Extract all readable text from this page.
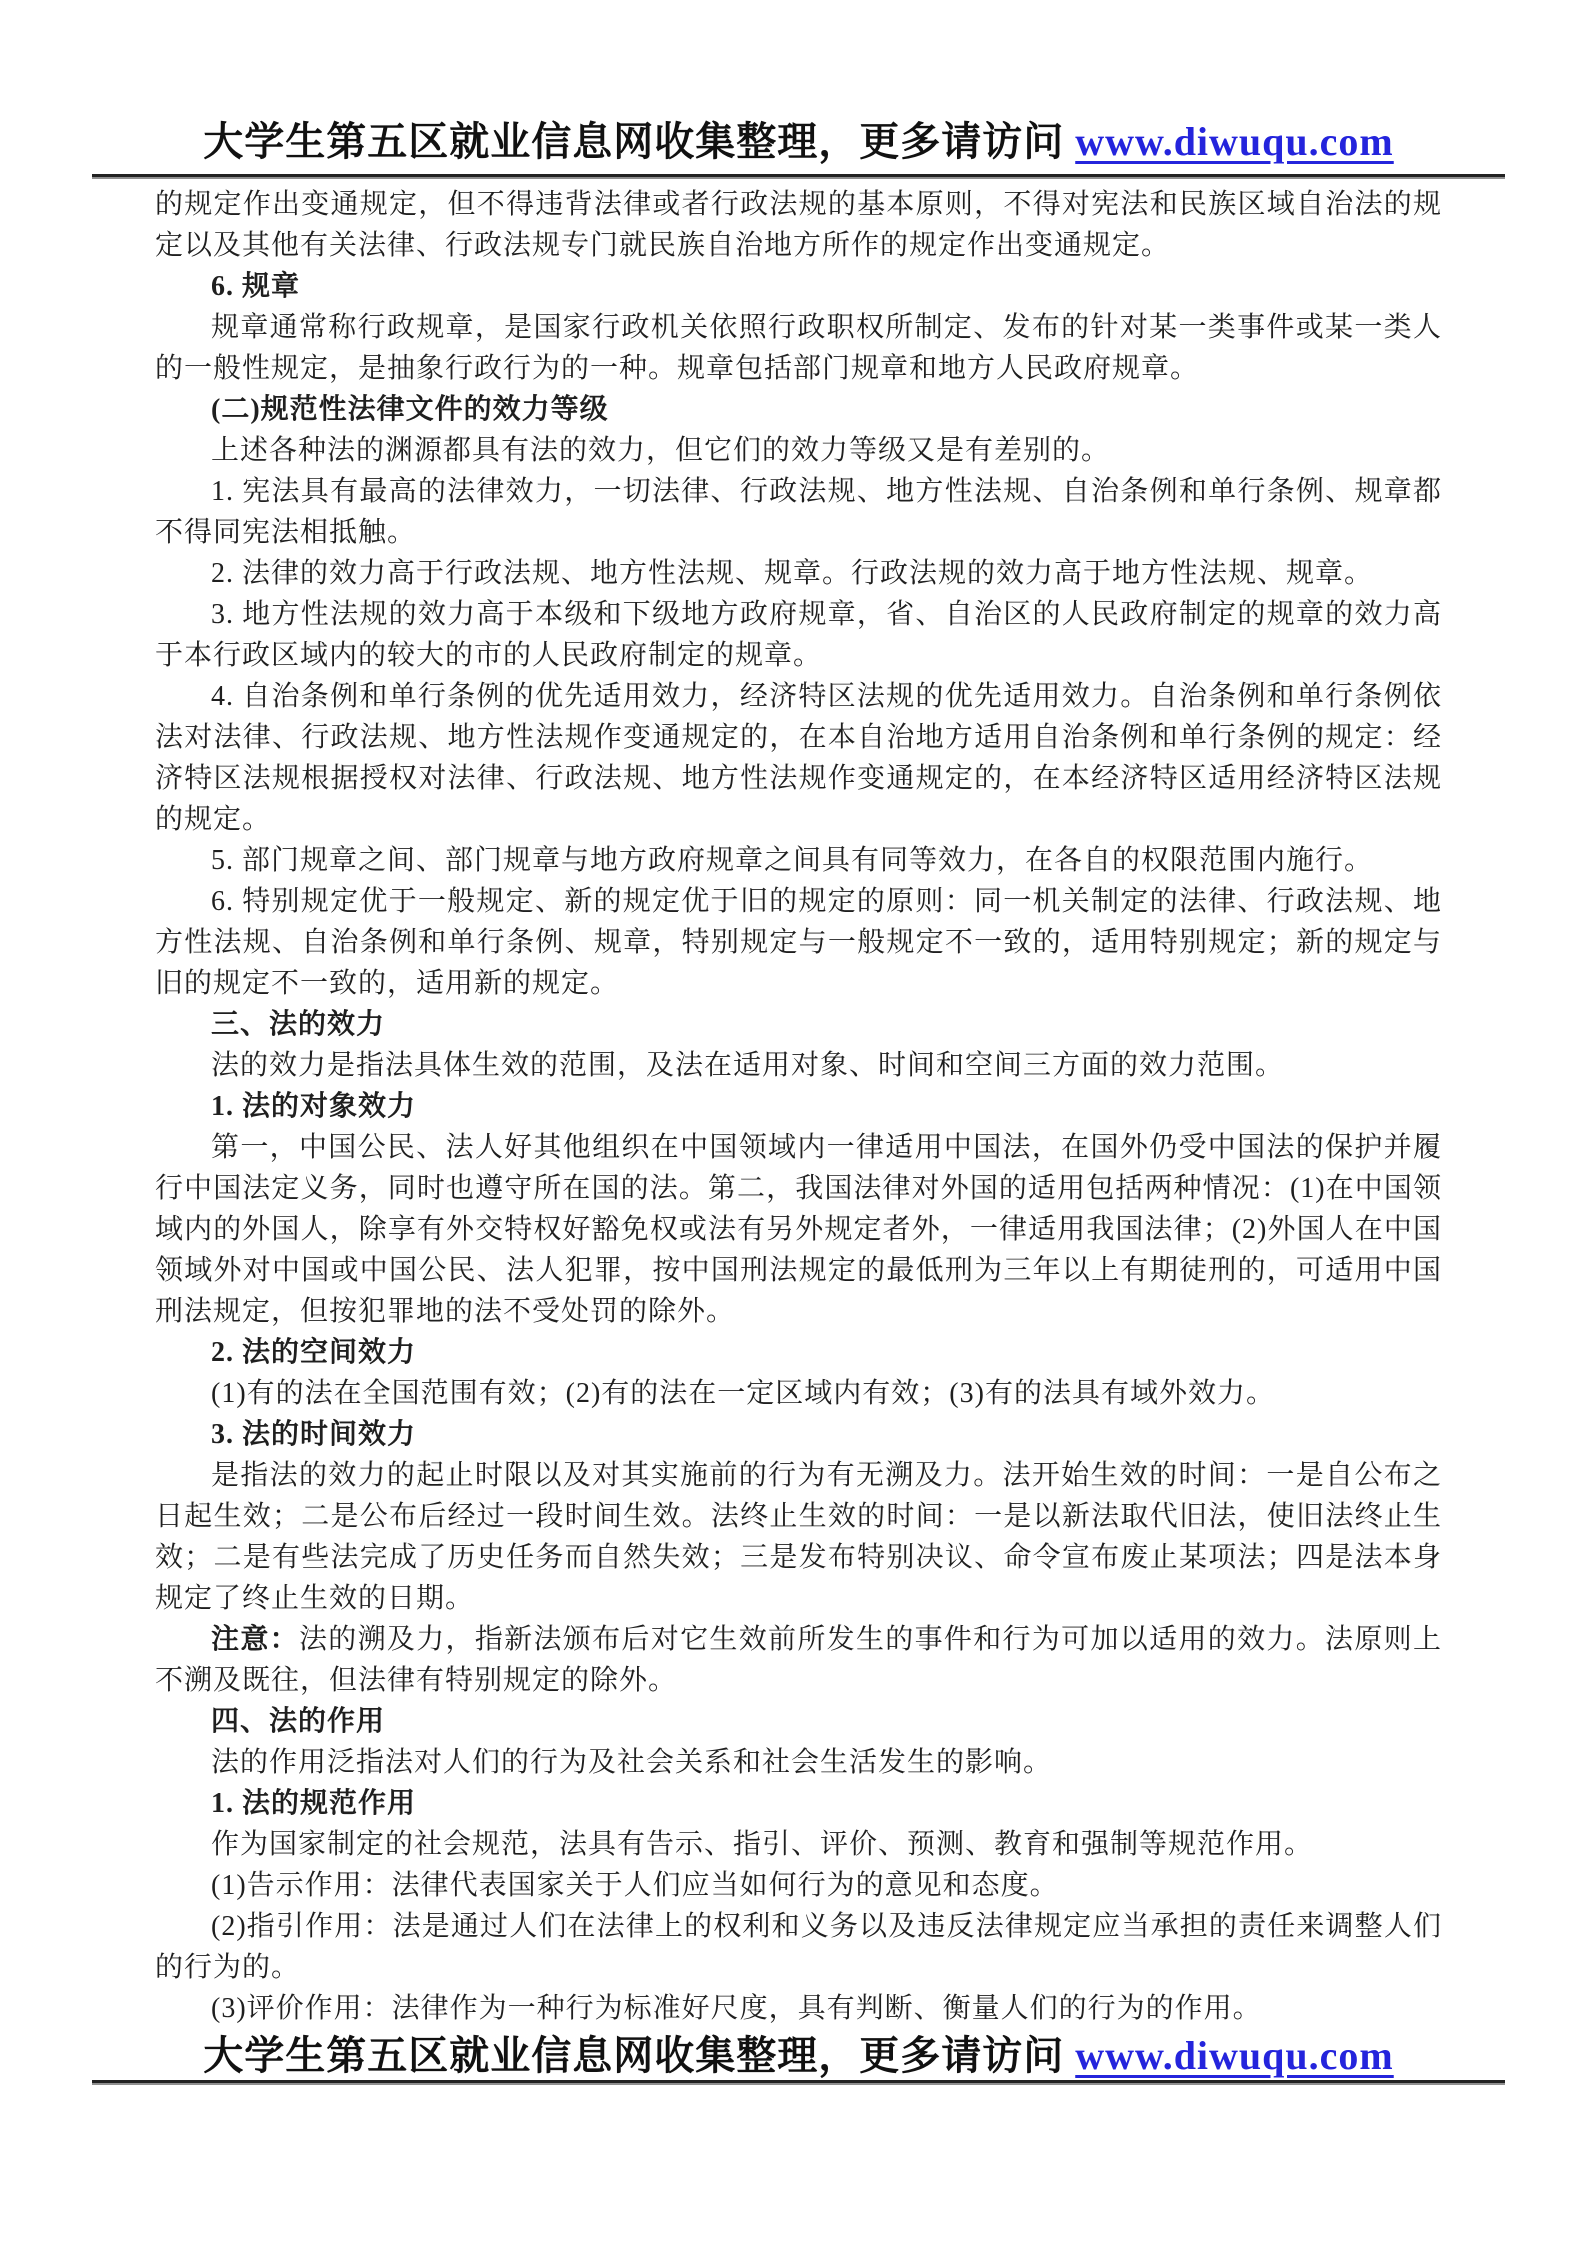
大学生第五区就业信息网收集整理，更多请访问 www.diwuqu.com

的规定作出变通规定，但不得违背法律或者行政法规的基本原则，不得对宪法和民族区域自治法的规定以及其他有关法律、行政法规专门就民族自治地方所作的规定作出变通规定。

6. 规章

规章通常称行政规章，是国家行政机关依照行政职权所制定、发布的针对某一类事件或某一类人的一般性规定，是抽象行政行为的一种。规章包括部门规章和地方人民政府规章。

(二)规范性法律文件的效力等级

上述各种法的渊源都具有法的效力，但它们的效力等级又是有差别的。

1. 宪法具有最高的法律效力，一切法律、行政法规、地方性法规、自治条例和单行条例、规章都不得同宪法相抵触。

2. 法律的效力高于行政法规、地方性法规、规章。行政法规的效力高于地方性法规、规章。

3. 地方性法规的效力高于本级和下级地方政府规章，省、自治区的人民政府制定的规章的效力高于本行政区域内的较大的市的人民政府制定的规章。

4. 自治条例和单行条例的优先适用效力，经济特区法规的优先适用效力。自治条例和单行条例依法对法律、行政法规、地方性法规作变通规定的，在本自治地方适用自治条例和单行条例的规定：经济特区法规根据授权对法律、行政法规、地方性法规作变通规定的，在本经济特区适用经济特区法规的规定。

5. 部门规章之间、部门规章与地方政府规章之间具有同等效力，在各自的权限范围内施行。

6. 特别规定优于一般规定、新的规定优于旧的规定的原则：同一机关制定的法律、行政法规、地方性法规、自治条例和单行条例、规章，特别规定与一般规定不一致的，适用特别规定；新的规定与旧的规定不一致的，适用新的规定。

三、法的效力

法的效力是指法具体生效的范围，及法在适用对象、时间和空间三方面的效力范围。

1. 法的对象效力

第一，中国公民、法人好其他组织在中国领域内一律适用中国法，在国外仍受中国法的保护并履行中国法定义务，同时也遵守所在国的法。第二，我国法律对外国的适用包括两种情况：(1)在中国领域内的外国人，除享有外交特权好豁免权或法有另外规定者外，一律适用我国法律；(2)外国人在中国领域外对中国或中国公民、法人犯罪，按中国刑法规定的最低刑为三年以上有期徒刑的，可适用中国刑法规定，但按犯罪地的法不受处罚的除外。

2. 法的空间效力

(1)有的法在全国范围有效；(2)有的法在一定区域内有效；(3)有的法具有域外效力。

3. 法的时间效力

是指法的效力的起止时限以及对其实施前的行为有无溯及力。法开始生效的时间：一是自公布之日起生效；二是公布后经过一段时间生效。法终止生效的时间：一是以新法取代旧法，使旧法终止生效；二是有些法完成了历史任务而自然失效；三是发布特别决议、命令宣布废止某项法；四是法本身规定了终止生效的日期。

注意：法的溯及力，指新法颁布后对它生效前所发生的事件和行为可加以适用的效力。法原则上不溯及既往，但法律有特别规定的除外。

四、法的作用

法的作用泛指法对人们的行为及社会关系和社会生活发生的影响。

1. 法的规范作用

作为国家制定的社会规范，法具有告示、指引、评价、预测、教育和强制等规范作用。

(1)告示作用：法律代表国家关于人们应当如何行为的意见和态度。

(2)指引作用：法是通过人们在法律上的权利和义务以及违反法律规定应当承担的责任来调整人们的行为的。

(3)评价作用：法律作为一种行为标准好尺度，具有判断、衡量人们的行为的作用。

大学生第五区就业信息网收集整理，更多请访问 www.diwuqu.com
